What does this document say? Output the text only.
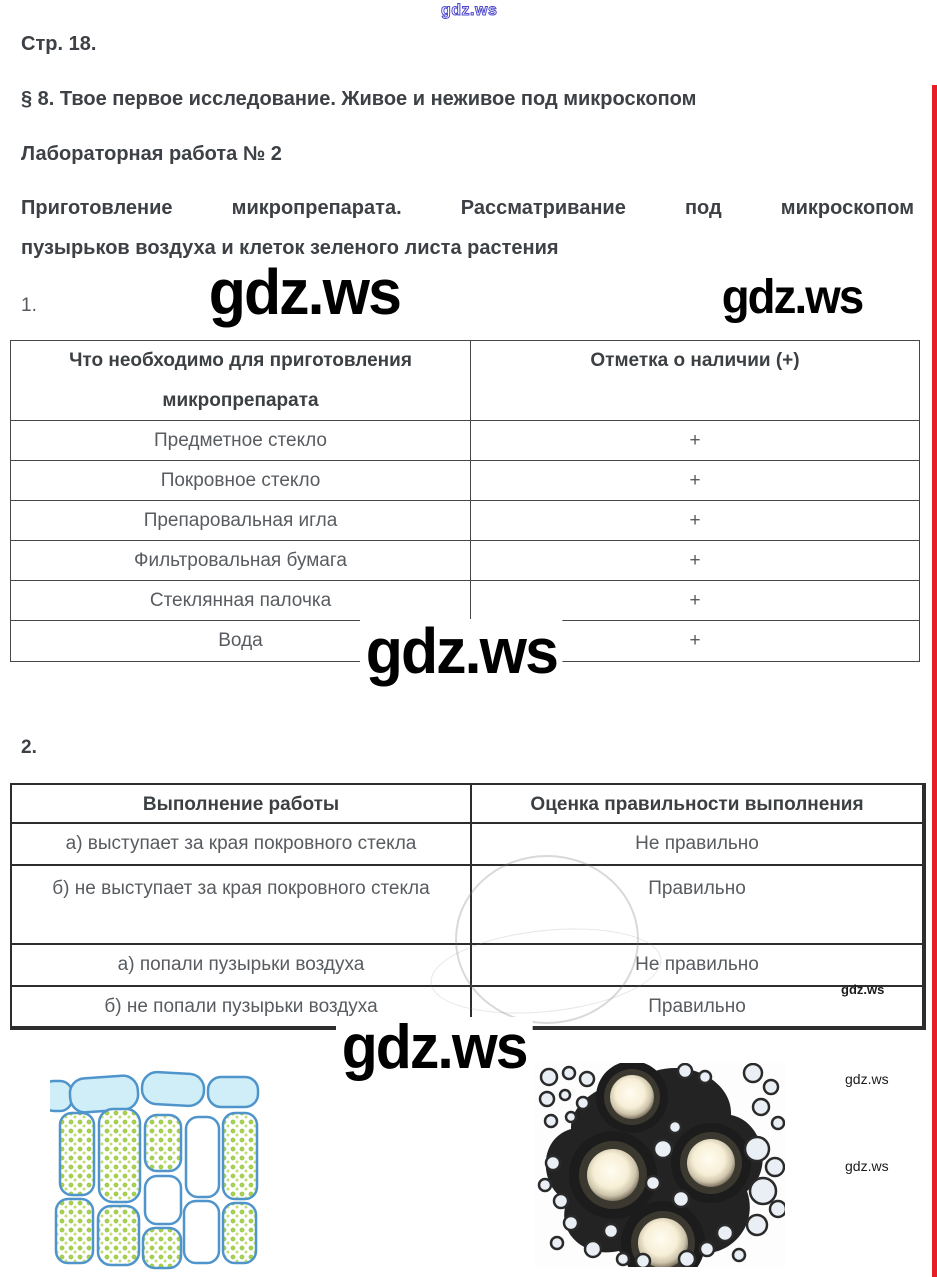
gdz.ws
Стр. 18.
§ 8. Твое первое исследование. Живое и неживое под микроскопом
Лабораторная работа № 2
Приготовление микропрепарата. Рассматривание под микроскопом
пузырьков воздуха и клеток зеленого листа растения
1.	gdz.ws	gdz.ws
Что необходимо для приготовления микропрепарата
Отметка о наличии (+)
Предметное стекло	+
Покровное стекло	+
Препаровальная игла	+
Фильтровальная бумага	+
Стеклянная палочка	+
Вода	+
gdz.ws
2.
Выполнение работы	Оценка правильности выполнения
а) выступает за края покровного стекла	Не правильно
б) не выступает за края покровного стекла	Правильно
а) попали пузырьки воздуха	Не правильно
б) не попали пузырьки воздуха	Правильно
gdz.ws
gdz.ws
gdz.ws
gdz.ws
